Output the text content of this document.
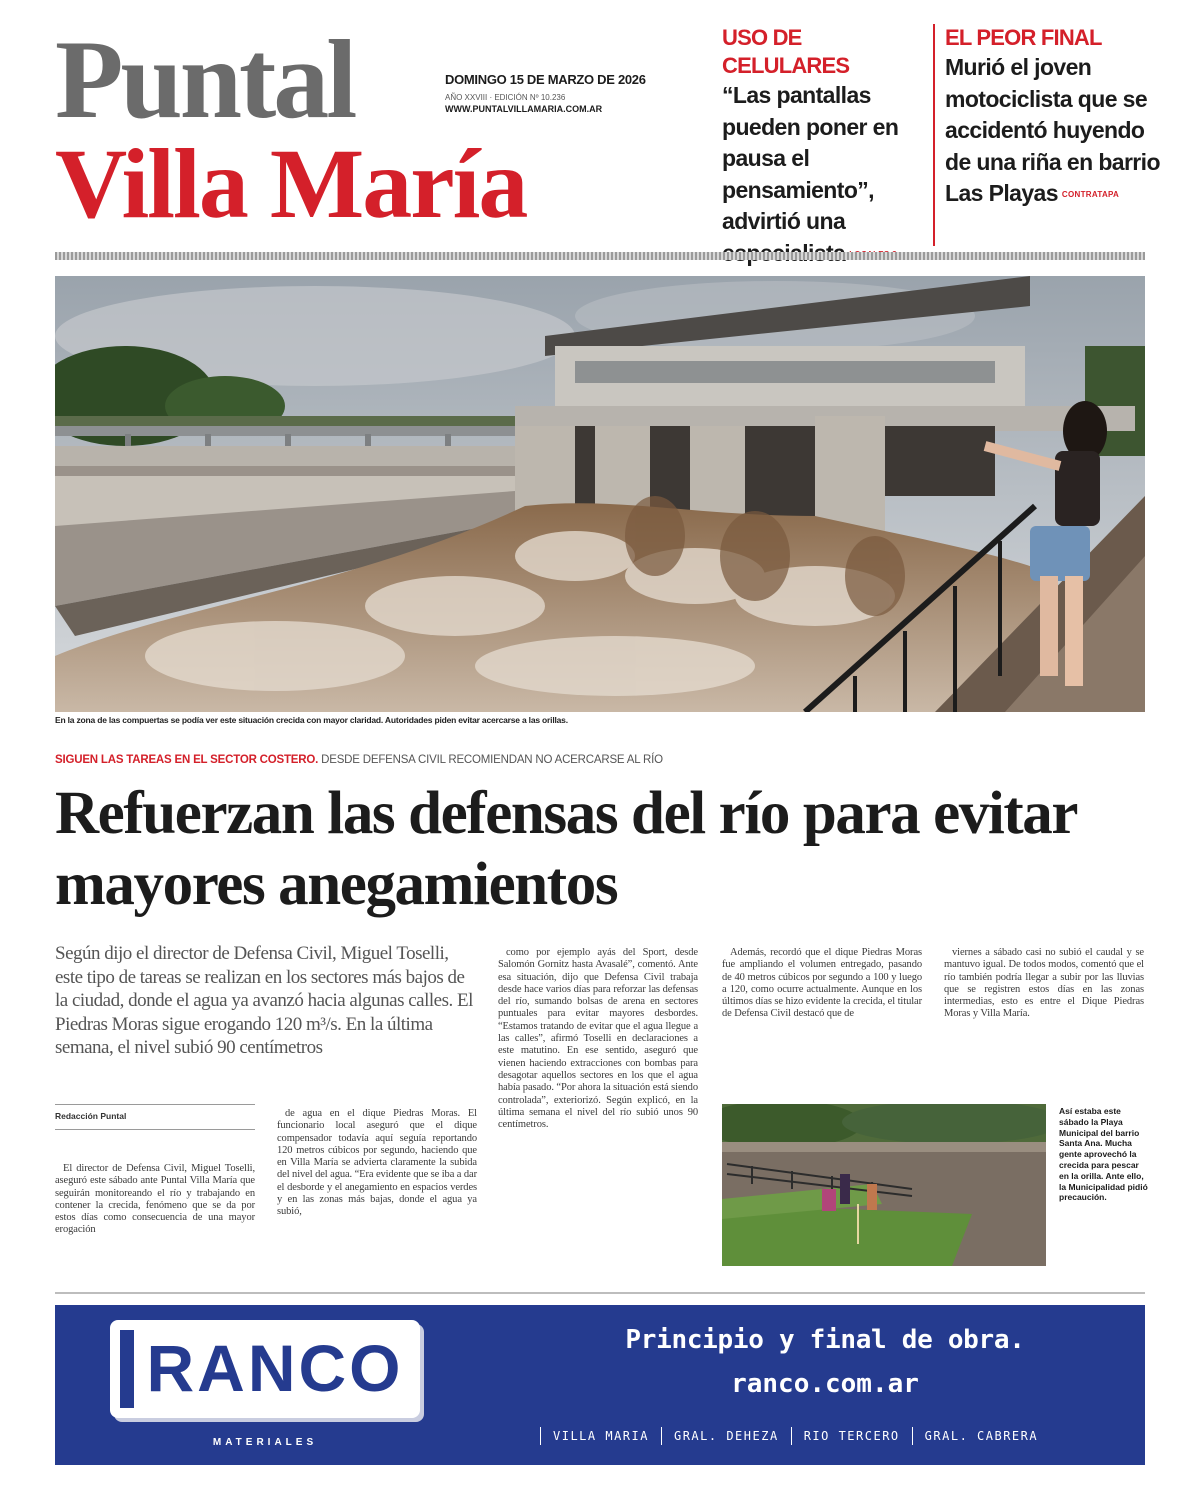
Puntal
Villa María
DOMINGO 15 DE MARZO DE 2026
AÑO XXVIII · EDICIÓN Nº 10.236
WWW.PUNTALVILLAMARIA.COM.AR
USO DE CELULARES
“Las pantallas pueden poner en pausa el pensamiento”, advirtió una
EL PEOR FINAL
Murió el joven motociclista que se accidentó huyendo de una riña en barrio Las Playas CONTRATAPA
En la zona de las compuertas se podía ver este situación crecida con mayor claridad. Autoridades piden evitar acercarse a las orillas.
SIGUEN LAS TAREAS EN EL SECTOR COSTERO. DESDE DEFENSA CIVIL RECOMIENDAN NO ACERCARSE AL RÍO
Refuerzan las defensas del río para evitar mayores anegamientos
Según dijo el director de Defensa Civil, Miguel Toselli, este tipo de tareas se realizan en los sectores más bajos de la ciudad, donde el agua ya avanzó hacia algunas calles. El Piedras Moras sigue erogando 120 m³/s. En la última semana, el nivel subió 90 centímetros
Redacción Puntal

El director de Defensa Civil, Miguel Toselli, aseguró este sábado ante Puntal Villa María que seguirán monitoreando el río y trabajando en contener la crecida, fenómeno que se da por estos días como consecuencia de una mayor erogación

de agua en el dique Piedras Moras. El funcionario local aseguró que el dique compensador todavía aquí seguía reportando 120 metros cúbicos por segundo, haciendo que en Villa María se advierta claramente la subida del nivel del agua. “Era evidente que se iba a dar el desborde y el anegamiento en espacios verdes y en las zonas más bajas, donde el agua ya subió,

como por ejemplo ayás del Sport, desde Salomón Gornitz hasta Avasalé”, comentó. Ante esa situación, dijo que Defensa Civil trabaja desde hace varios días para reforzar las defensas del río, sumando bolsas de arena en sectores puntuales para evitar mayores desbordes. “Estamos tratando de evitar que el agua llegue a las calles”, afirmó Toselli en declaraciones a este matutino. En ese sentido, aseguró que vienen haciendo extracciones con bombas para desagotar aquellos sectores en los que el agua había pasado. “Por ahora la situación está siendo controlada”, exteriorizó. Según explicó, en la última semana el nivel del río subió unos 90 centímetros.

Además, recordó que el dique Piedras Moras fue ampliando el volumen entregado, pasando de 40 metros cúbicos por segundo a 100 y luego a 120, como ocurre actualmente. Aunque en los últimos días se hizo evidente la crecida, el titular de Defensa Civil destacó que de

viernes a sábado casi no subió el caudal y se mantuvo igual. De todos modos, comentó que el río también podría llegar a subir por las lluvias que se registren estos días en las zonas intermedias, esto es entre el Dique Piedras Moras y Villa María.

Así estaba este sábado la Playa Municipal del barrio Santa Ana. Mucha gente aprovechó la crecida para pescar en la orilla. Ante ello, la Municipalidad pidió precaución.
RANCO
MATERIALES
Principio y final de obra.
ranco.com.ar
VILLA MARIA	GRAL. DEHEZA	RIO TERCERO	GRAL. CABRERA
